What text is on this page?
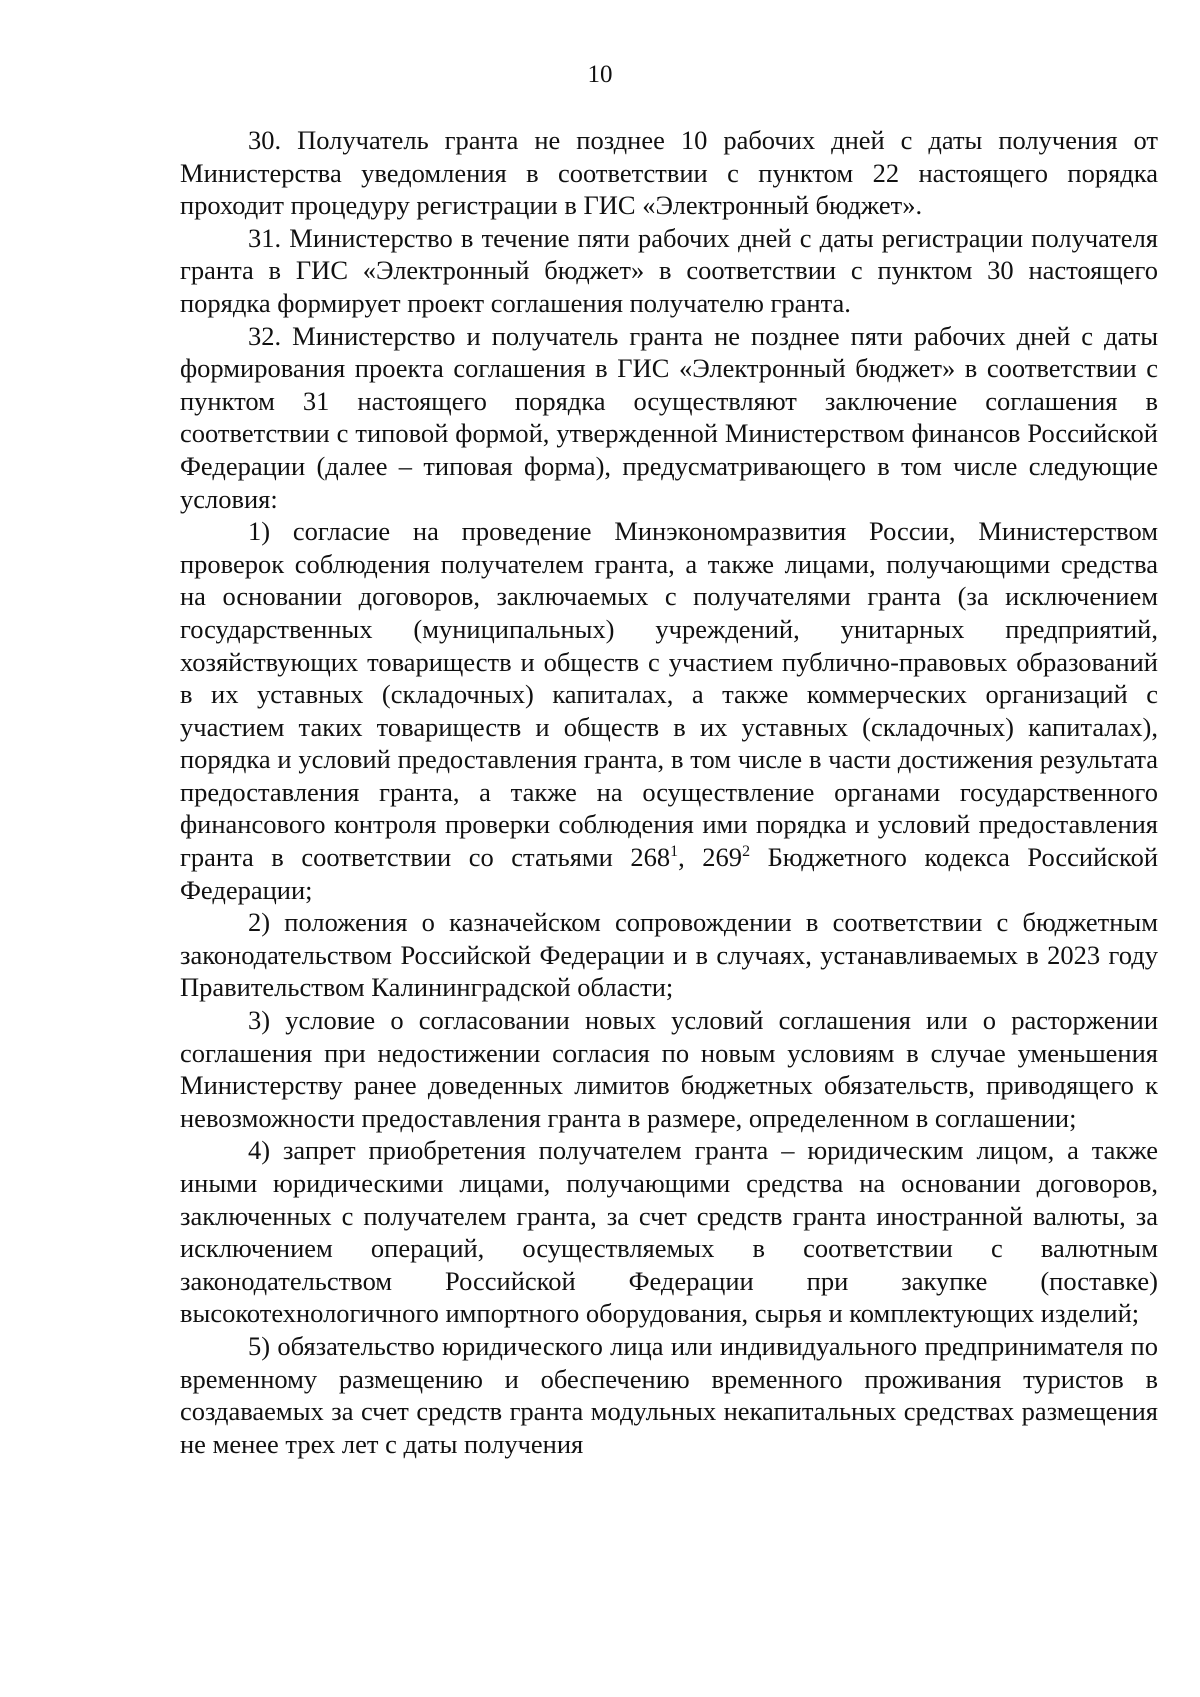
10

30. Получатель гранта не позднее 10 рабочих дней с даты получения от Министерства уведомления в соответствии с пунктом 22 настоящего порядка проходит процедуру регистрации в ГИС «Электронный бюджет».

31. Министерство в течение пяти рабочих дней с даты регистрации получателя гранта в ГИС «Электронный бюджет» в соответствии с пунктом 30 настоящего порядка формирует проект соглашения получателю гранта.

32. Министерство и получатель гранта не позднее пяти рабочих дней с даты формирования проекта соглашения в ГИС «Электронный бюджет» в соответствии с пунктом 31 настоящего порядка осуществляют заключение соглашения в соответствии с типовой формой, утвержденной Министерством финансов Российской Федерации (далее – типовая форма), предусматривающего в том числе следующие условия:

1) согласие на проведение Минэкономразвития России, Министерством проверок соблюдения получателем гранта, а также лицами, получающими средства на основании договоров, заключаемых с получателями гранта (за исключением государственных (муниципальных) учреждений, унитарных предприятий, хозяйствующих товариществ и обществ с участием публично-правовых образований в их уставных (складочных) капиталах, а также коммерческих организаций с участием таких товариществ и обществ в их уставных (складочных) капиталах), порядка и условий предоставления гранта, в том числе в части достижения результата предоставления гранта, а также на осуществление органами государственного финансового контроля проверки соблюдения ими порядка и условий предоставления гранта в соответствии со статьями $268^1$, $269^2$ Бюджетного кодекса Российской Федерации;

2) положения о казначейском сопровождении в соответствии с бюджетным законодательством Российской Федерации и в случаях, устанавливаемых в 2023 году Правительством Калининградской области;

3) условие о согласовании новых условий соглашения или о расторжении соглашения при недостижении согласия по новым условиям в случае уменьшения Министерству ранее доведенных лимитов бюджетных обязательств, приводящего к невозможности предоставления гранта в размере, определенном в соглашении;

4) запрет приобретения получателем гранта – юридическим лицом, а также иными юридическими лицами, получающими средства на основании договоров, заключенных с получателем гранта, за счет средств гранта иностранной валюты, за исключением операций, осуществляемых в соответствии с валютным законодательством Российской Федерации при закупке (поставке) высокотехнологичного импортного оборудования, сырья и комплектующих изделий;

5) обязательство юридического лица или индивидуального предпринимателя по временному размещению и обеспечению временного проживания туристов в создаваемых за счет средств гранта модульных некапитальных средствах размещения не менее трех лет с даты получения
